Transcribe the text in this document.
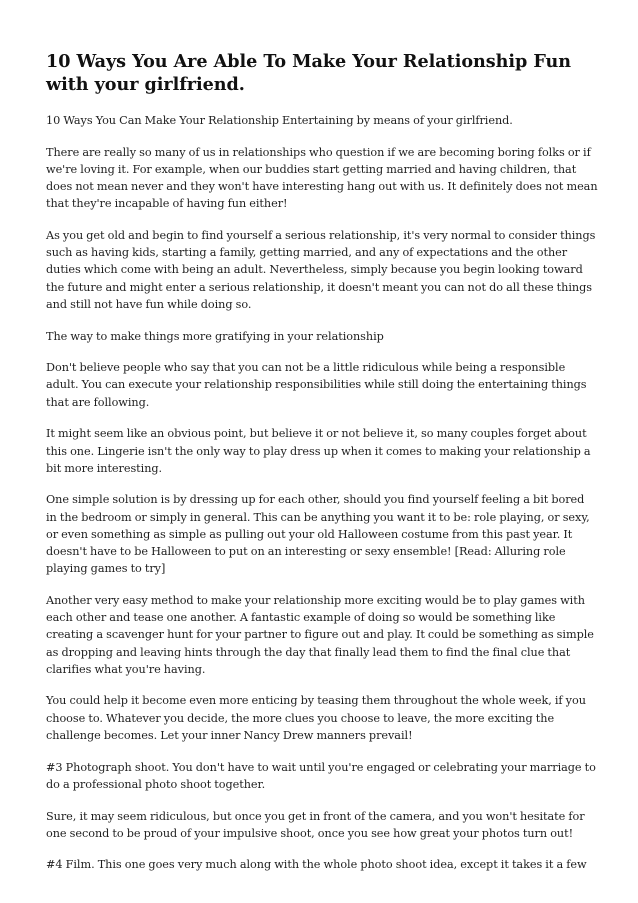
10 Ways You Are Able To Make Your Relationship Fun with your girlfriend.

10 Ways You Can Make Your Relationship Entertaining by means of your girlfriend.

There are really so many of us in relationships who question if we are becoming boring folks or if we're loving it. For example, when our buddies start getting married and having children, that does not mean never and they won't have interesting hang out with us. It definitely does not mean that they're incapable of having fun either!

As you get old and begin to find yourself a serious relationship, it's very normal to consider things such as having kids, starting a family, getting married, and any of expectations and the other duties which come with being an adult. Nevertheless, simply because you begin looking toward the future and might enter a serious relationship, it doesn't meant you can not do all these things and still not have fun while doing so.

The way to make things more gratifying in your relationship

Don't believe people who say that you can not be a little ridiculous while being a responsible adult. You can execute your relationship responsibilities while still doing the entertaining things that are following.

It might seem like an obvious point, but believe it or not believe it, so many couples forget about this one. Lingerie isn't the only way to play dress up when it comes to making your relationship a bit more interesting.

One simple solution is by dressing up for each other, should you find yourself feeling a bit bored in the bedroom or simply in general. This can be anything you want it to be: role playing, or sexy, or even something as simple as pulling out your old Halloween costume from this past year. It doesn't have to be Halloween to put on an interesting or sexy ensemble! [Read: Alluring role playing games to try]

Another very easy method to make your relationship more exciting would be to play games with each other and tease one another. A fantastic example of doing so would be something like creating a scavenger hunt for your partner to figure out and play. It could be something as simple as dropping and leaving hints through the day that finally lead them to find the final clue that clarifies what you're having.

You could help it become even more enticing by teasing them throughout the whole week, if you choose to. Whatever you decide, the more clues you choose to leave, the more exciting the challenge becomes. Let your inner Nancy Drew manners prevail!

#3 Photograph shoot. You don't have to wait until you're engaged or celebrating your marriage to do a professional photo shoot together.

Sure, it may seem ridiculous, but once you get in front of the camera, and you won't hesitate for one second to be proud of your impulsive shoot, once you see how great your photos turn out!

#4 Film. This one goes very much along with the whole photo shoot idea, except it takes it a few
